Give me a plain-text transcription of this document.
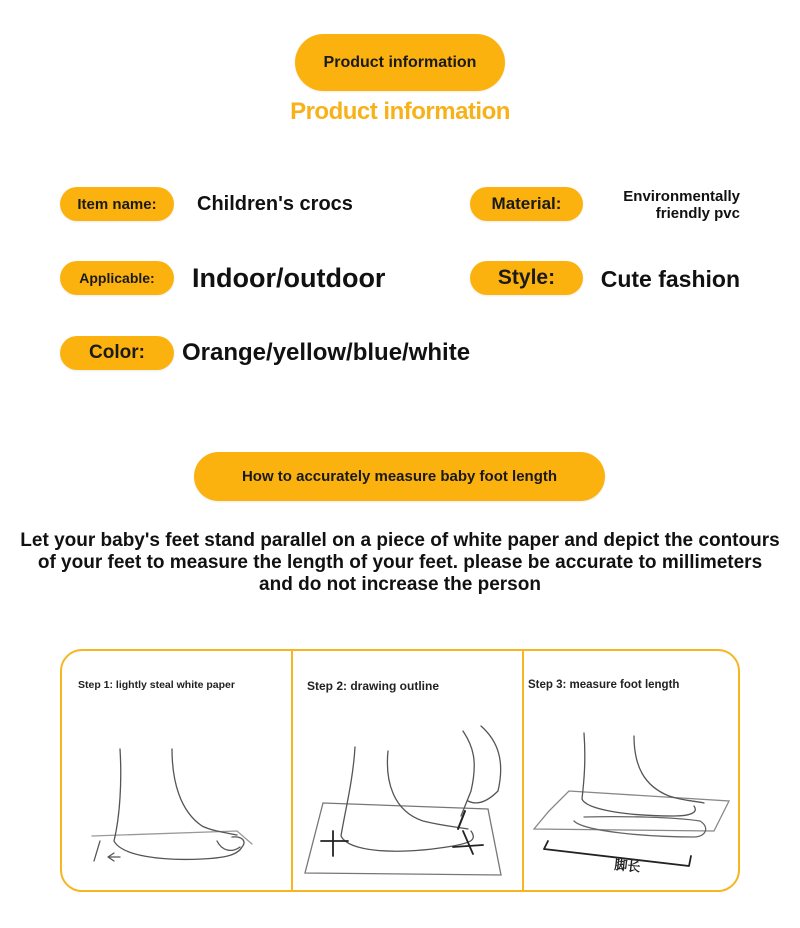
Product information
Product information
Item name: Children's crocs	Material:	Environmentally
friendly pvc
Applicable: Indoor/outdoor	Style: Cute fashion
Color: Orange/yellow/blue/white
How to accurately measure baby foot length
Let your baby's feet stand parallel on a piece of white paper and depict the contours of your feet to measure the length of your feet. please be accurate to millimeters and do not increase the person
Step 1: lightly steal white paper	Step 2: drawing outline	Step 3: measure foot length
脚长
